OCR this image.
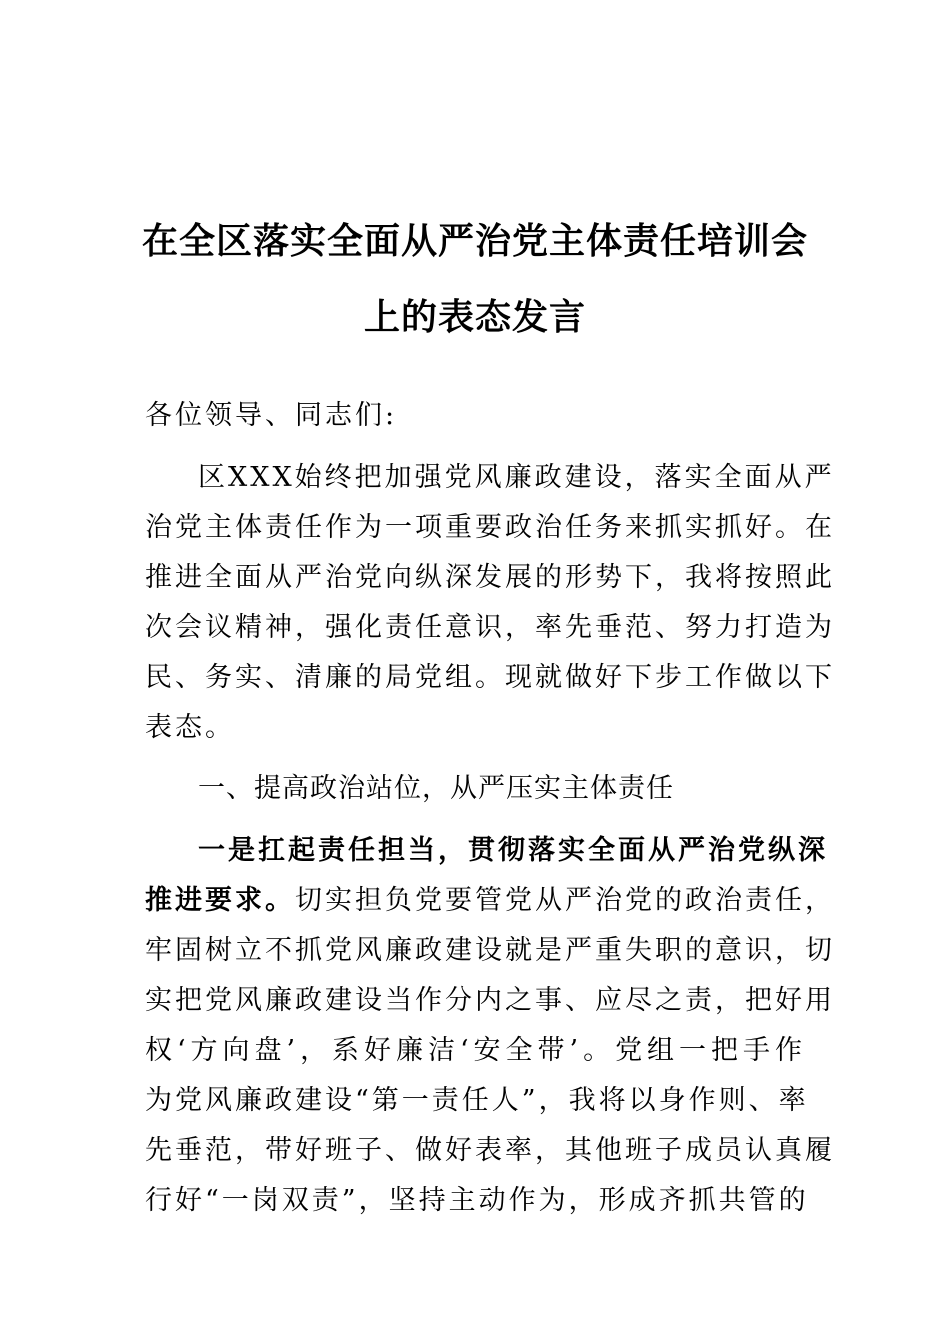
在全区落实全面从严治党主体责任培训会
上的表态发言
各位领导、同志们:
区XXX始终把加强党风廉政建设，落实全面从严
治党主体责任作为一项重要政治任务来抓实抓好。在
推进全面从严治党向纵深发展的形势下，我将按照此
次会议精神，强化责任意识，率先垂范、努力打造为
民、务实、清廉的局党组。现就做好下步工作做以下
表态。
一、提高政治站位，从严压实主体责任
一是扛起责任担当，贯彻落实全面从严治党纵深
推进要求。切实担负党要管党从严治党的政治责任，
牢固树立不抓党风廉政建设就是严重失职的意识，切
实把党风廉政建设当作分内之事、应尽之责，把好用
权‘方向盘’，系好廉洁‘安全带’。党组一把手作
为党风廉政建设“第一责任人”，我将以身作则、率
先垂范，带好班子、做好表率，其他班子成员认真履
行好“一岗双责”，坚持主动作为，形成齐抓共管的
